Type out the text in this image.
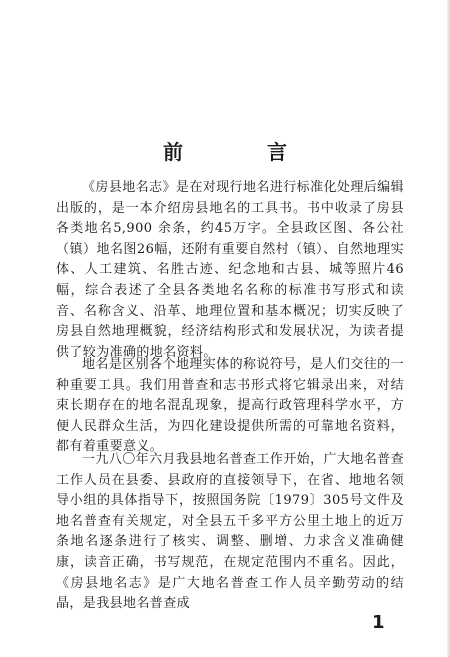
前　言

《房县地名志》是在对现行地名进行标准化处理后编辑出版的，是一本介绍房县地名的工具书。书中收录了房县各类地名5,900 余条，约45万字。全县政区图、各公社（镇）地名图26幅，还附有重要自然村（镇）、自然地理实体、人工建筑、名胜古迹、纪念地和古县、城等照片46幅，综合表述了全县各类地名名称的标准书写形式和读音、名称含义、沿革、地理位置和基本概况；切实反映了房县自然地理概貌，经济结构形式和发展状况，为读者提供了较为准确的地名资料。

地名是区别各个地理实体的称说符号，是人们交往的一种重要工具。我们用普查和志书形式将它辑录出来，对结束长期存在的地名混乱现象，提高行政管理科学水平，方便人民群众生活，为四化建设提供所需的可靠地名资料，都有着重要意义。

一九八〇年六月我县地名普查工作开始，广大地名普查工作人员在县委、县政府的直接领导下，在省、地地名领导小组的具体指导下，按照国务院〔1979〕305号文件及地名普查有关规定，对全县五千多平方公里土地上的近万条地名逐条进行了核实、调整、删增、力求含义准确健康，读音正确，书写规范，在规定范围内不重名。因此，《房县地名志》是广大地名普查工作人员辛勤劳动的结晶，是我县地名普查成

1
